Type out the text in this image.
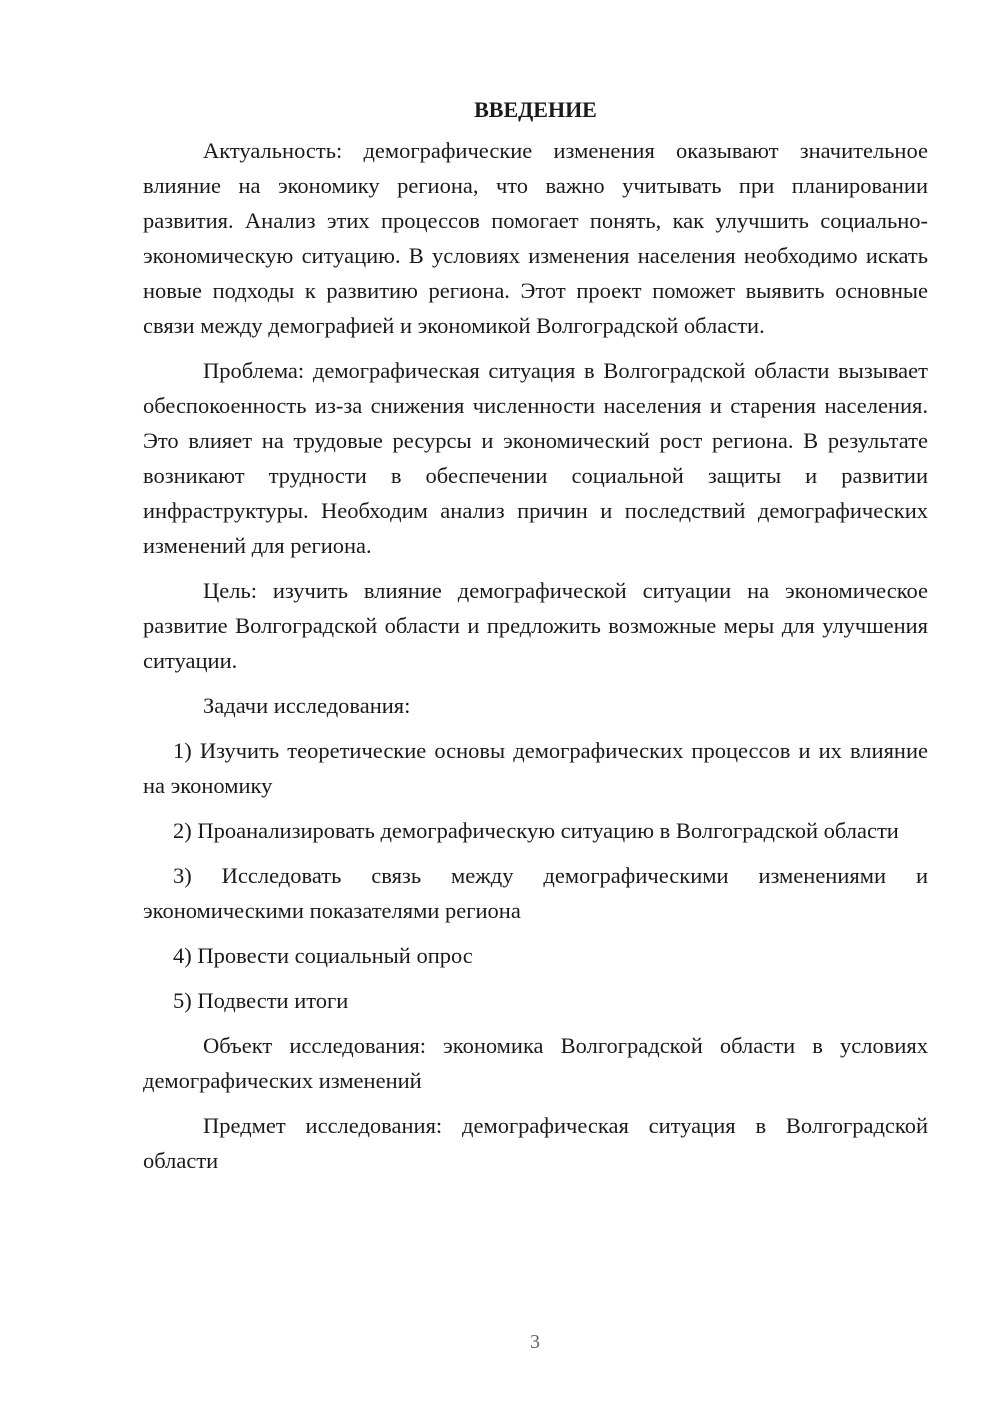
ВВЕДЕНИЕ

Актуальность: демографические изменения оказывают значительное влияние на экономику региона, что важно учитывать при планировании развития. Анализ этих процессов помогает понять, как улучшить социально-экономическую ситуацию. В условиях изменения населения необходимо искать новые подходы к развитию региона. Этот проект поможет выявить основные связи между демографией и экономикой Волгоградской области.

Проблема: демографическая ситуация в Волгоградской области вызывает обеспокоенность из-за снижения численности населения и старения населения. Это влияет на трудовые ресурсы и экономический рост региона. В результате возникают трудности в обеспечении социальной защиты и развитии инфраструктуры. Необходим анализ причин и последствий демографических изменений для региона.

Цель: изучить влияние демографической ситуации на экономическое развитие Волгоградской области и предложить возможные меры для улучшения ситуации.

Задачи исследования:

1) Изучить теоретические основы демографических процессов и их влияние на экономику

2) Проанализировать демографическую ситуацию в Волгоградской области

3) Исследовать связь между демографическими изменениями и экономическими показателями региона

4) Провести социальный опрос

5) Подвести итоги

Объект исследования: экономика Волгоградской области в условиях демографических изменений

Предмет исследования: демографическая ситуация в Волгоградской области

3
